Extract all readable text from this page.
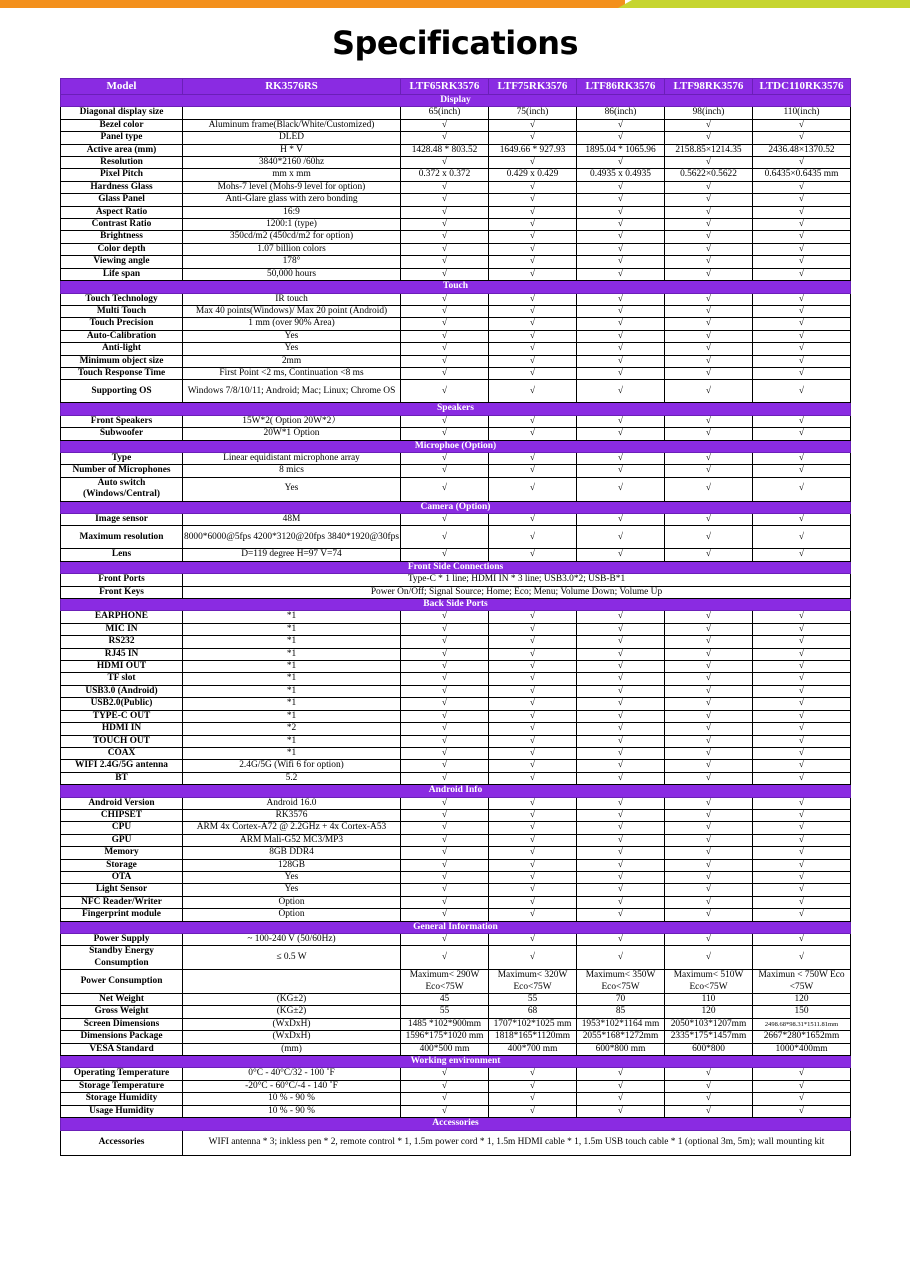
Specifications
Model	RK3576RS	LTF65RK3576	LTF75RK3576	LTF86RK3576	LTF98RK3576	LTDC110RK3576
Display						
Diagonal display size		65(inch)	75(inch)	86(inch)	98(inch)	110(inch)
Bezel color	Aluminum frame(Black/White/Customized)	√	√	√	√	√
Panel type	DLED	√	√	√	√	√
Active area (mm)	H * V	1428.48 * 803.52	1649.66 * 927.93	1895.04 * 1065.96	2158.85×1214.35	2436.48×1370.52
Resolution	3840*2160 /60hz	√	√	√	√	√
Pixel Pitch	mm x mm	0.372 x 0.372	0.429 x 0.429	0.4935 x 0.4935	0.5622×0.5622	0.6435×0.6435 mm
Hardness Glass	Mohs-7 level (Mohs-9 level for option)	√	√	√	√	√
Glass Panel	Anti-Glare glass with zero bonding	√	√	√	√	√
Aspect Ratio	16:9	√	√	√	√	√
Contrast Ratio	1200:1 (type)	√	√	√	√	√
Brightness	350cd/m2 (450cd/m2 for option)	√	√	√	√	√
Color depth	1.07 billion colors	√	√	√	√	√
Viewing angle	178°	√	√	√	√	√
Life span	50,000 hours	√	√	√	√	√
Touch						
Touch Technology	IR touch	√	√	√	√	√
Multi Touch	Max 40 points(Windows)/ Max 20 point (Android)	√	√	√	√	√
Touch Precision	1 mm (over 90% Area)	√	√	√	√	√
Auto-Calibration	Yes	√	√	√	√	√
Anti-light	Yes	√	√	√	√	√
Minimum object size	2mm	√	√	√	√	√
Touch Response Time	First Point <2 ms, Continuation <8 ms	√	√	√	√	√
Supporting OS	Windows 7/8/10/11; Android; Mac; Linux; Chrome OS	√	√	√	√	√
Speakers						
Front Speakers	15W*2( Option 20W*2）	√	√	√	√	√
Subwoofer	20W*1 Option	√	√	√	√	√
Microphoe (Option)						
Type	Linear equidistant microphone array	√	√	√	√	√
Number of Microphones	8 mics	√	√	√	√	√
Auto switch (Windows/Central)	Yes	√	√	√	√	√
Camera (Option)						
Image sensor	48M	√	√	√	√	√
Maximum resolution	8000*6000@5fps 4200*3120@20fps 3840*1920@30fps	√	√	√	√	√
Lens	D=119 degree H=97 V=74	√	√	√	√	√
Front Side Connections						
Front Ports	Type-C * 1 line; HDMI IN * 3 line; USB3.0*2; USB-B*1					
Front Keys	Power On/Off; Signal Source; Home; Eco; Menu; Volume Down; Volume Up					
Back Side Ports						
EARPHONE	*1	√	√	√	√	√
MIC IN	*1	√	√	√	√	√
RS232	*1	√	√	√	√	√
RJ45 IN	*1	√	√	√	√	√
HDMI OUT	*1	√	√	√	√	√
TF slot	*1	√	√	√	√	√
USB3.0 (Android)	*1	√	√	√	√	√
USB2.0(Public)	*1	√	√	√	√	√
TYPE-C OUT	*1	√	√	√	√	√
HDMI IN	*2	√	√	√	√	√
TOUCH OUT	*1	√	√	√	√	√
COAX	*1	√	√	√	√	√
WIFI 2.4G/5G antenna	2.4G/5G (Wifi 6 for option)	√	√	√	√	√
BT	5.2	√	√	√	√	√
Android Info						
Android Version	Android 16.0	√	√	√	√	√
CHIPSET	RK3576	√	√	√	√	√
CPU	ARM 4x Cortex-A72 @ 2.2GHz + 4x Cortex-A53	√	√	√	√	√
GPU	ARM Mali-G52 MC3/MP3	√	√	√	√	√
Memory	8GB DDR4	√	√	√	√	√
Storage	128GB	√	√	√	√	√
OTA	Yes	√	√	√	√	√
Light Sensor	Yes	√	√	√	√	√
NFC Reader/Writer	Option	√	√	√	√	√
Fingerprint module	Option	√	√	√	√	√
General Information						
Power Supply	~ 100-240 V (50/60Hz)	√	√	√	√	√
Standby Energy Consumption	≤ 0.5 W	√	√	√	√	√
Power Consumption		Maximum< 290W Eco<75W	Maximum< 320W Eco<75W	Maximum< 350W Eco<75W	Maximum< 510W Eco<75W	Maximun < 750W Eco <75W
Net Weight	(KG±2)	45	55	70	110	120
Gross Weight	(KG±2)	55	68	85	120	150
Screen Dimensions	(WxDxH)	1485 *102*900mm	1707*102*1025 mm	1953*102*1164 mm	2050*103*1207mm	2498.68*98.31*1511.81mm
Dimensions Package	(WxDxH)	1596*175*1020 mm	1818*165*1120mm	2055*168*1272mm	2335*175*1457mm	2667*280*1652mm
VESA Standard	(mm)	400*500 mm	400*700 mm	600*800 mm	600*800	1000*400mm
Working environment						
Operating Temperature	0°C - 40°C/32 - 100 ˚F	√	√	√	√	√
Storage Temperature	-20°C - 60°C/-4 - 140 ˚F	√	√	√	√	√
Storage Humidity	10 % - 90 %	√	√	√	√	√
Usage Humidity	10 % - 90 %	√	√	√	√	√
Accessories						
Accessories	WIFI antenna * 3; inkless pen * 2, remote control * 1, 1.5m power cord * 1, 1.5m HDMI cable * 1, 1.5m USB touch cable * 1 (optional 3m, 5m); wall mounting kit					
